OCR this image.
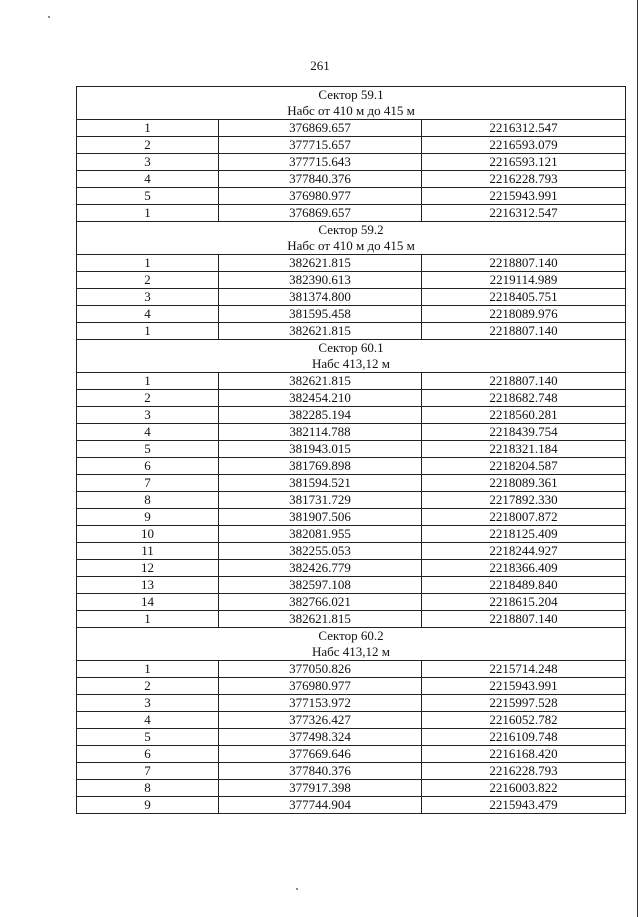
261
Сектор 59.1		
Набс от 410 м до 415 м		
1	376869.657	2216312.547
2	377715.657	2216593.079
3	377715.643	2216593.121
4	377840.376	2216228.793
5	376980.977	2215943.991
1	376869.657	2216312.547
Сектор 59.2		
Набс от 410 м до 415 м		
1	382621.815	2218807.140
2	382390.613	2219114.989
3	381374.800	2218405.751
4	381595.458	2218089.976
1	382621.815	2218807.140
Сектор 60.1		
Набс 413,12 м		
1	382621.815	2218807.140
2	382454.210	2218682.748
3	382285.194	2218560.281
4	382114.788	2218439.754
5	381943.015	2218321.184
6	381769.898	2218204.587
7	381594.521	2218089.361
8	381731.729	2217892.330
9	381907.506	2218007.872
10	382081.955	2218125.409
11	382255.053	2218244.927
12	382426.779	2218366.409
13	382597.108	2218489.840
14	382766.021	2218615.204
1	382621.815	2218807.140
Сектор 60.2		
Набс 413,12 м		
1	377050.826	2215714.248
2	376980.977	2215943.991
3	377153.972	2215997.528
4	377326.427	2216052.782
5	377498.324	2216109.748
6	377669.646	2216168.420
7	377840.376	2216228.793
8	377917.398	2216003.822
9	377744.904	2215943.479
